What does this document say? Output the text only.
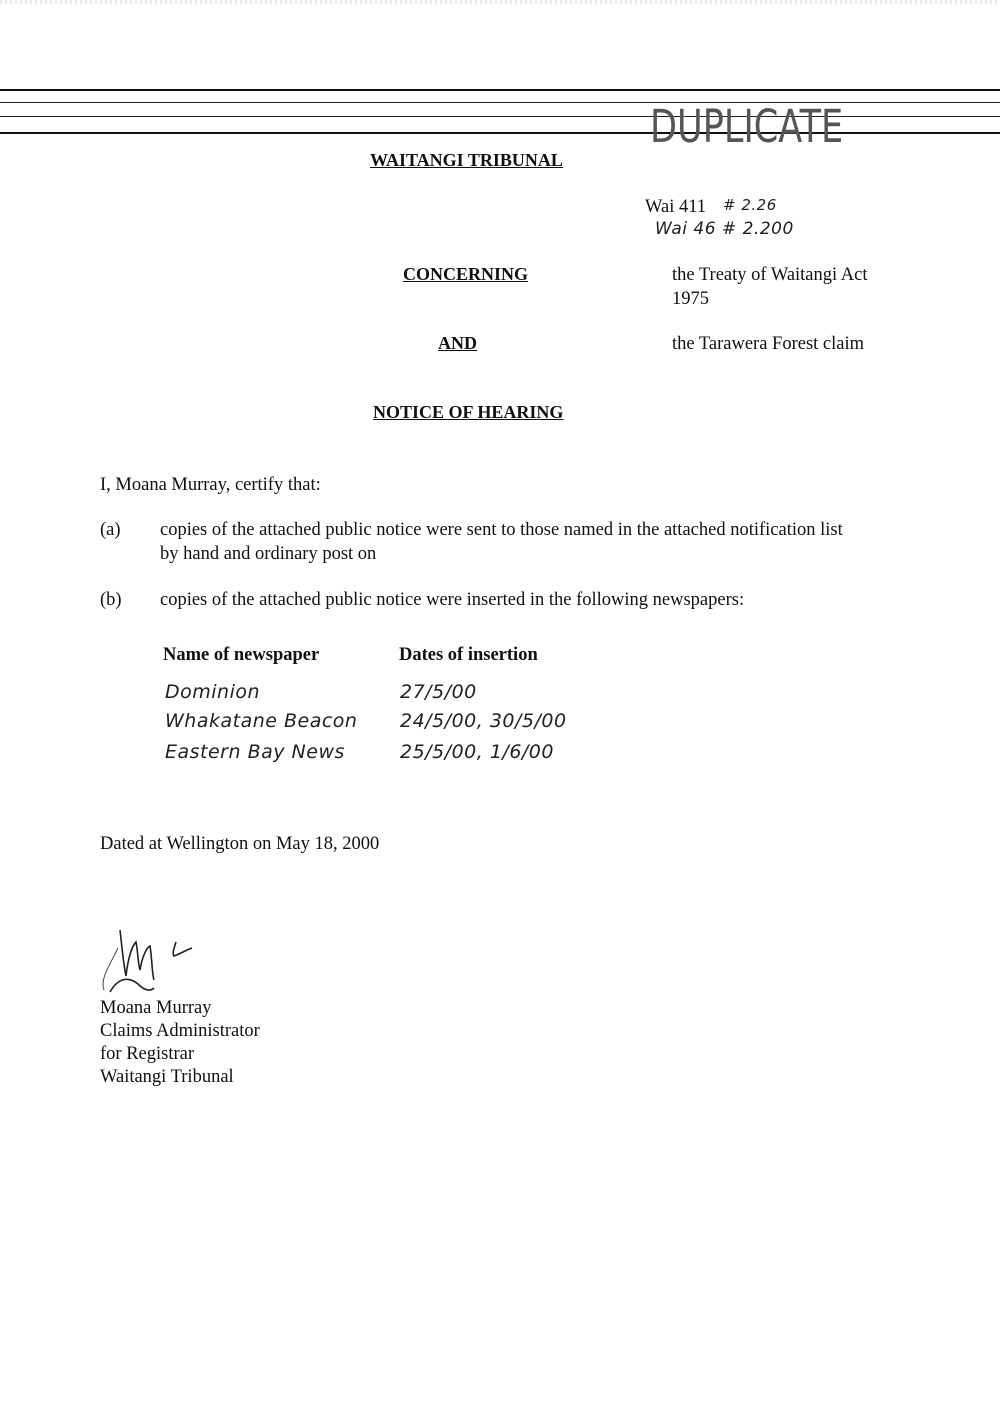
DUPLICATE
WAITANGI TRIBUNAL
Wai 411 # 2.26
Wai 46 # 2.200
CONCERNING	the Treaty of Waitangi Act
1975
AND	the Tarawera Forest claim
NOTICE OF HEARING
I, Moana Murray, certify that:
(a) copies of the attached public notice were sent to those named in the attached notification list
by hand and ordinary post on
(b) copies of the attached public notice were inserted in the following newspapers:
Name of newspaper	Dates of insertion
Dominion	27/5/00
Whakatane Beacon 24/5/00, 30/5/00
Eastern Bay News	25/5/00, 1/6/00
Dated at Wellington on May 18, 2000
Moana Murray
Claims Administrator
for Registrar
Waitangi Tribunal
